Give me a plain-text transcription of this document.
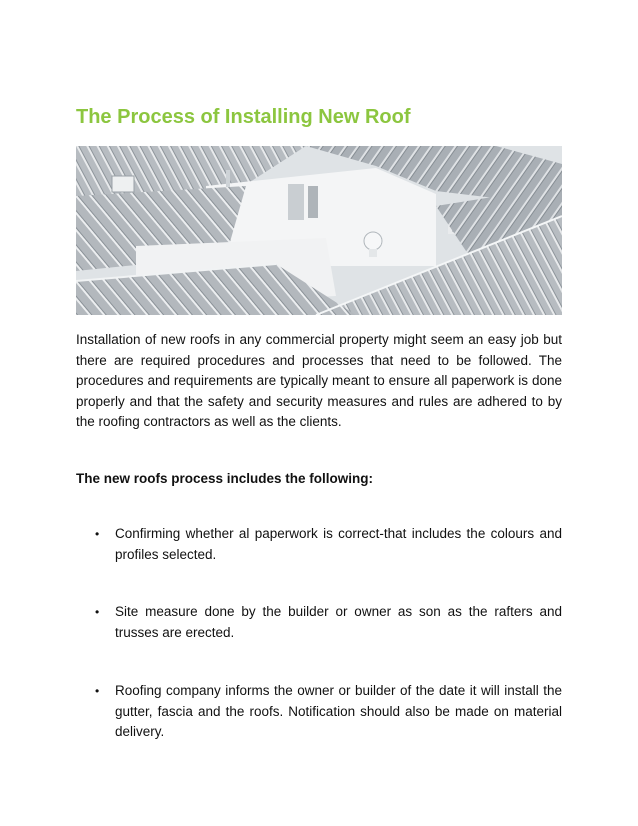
The Process of Installing New Roof

Installation of new roofs in any commercial property might seem an easy job but there are required procedures and processes that need to be followed. The procedures and requirements are typically meant to ensure all paperwork is done properly and that the safety and security measures and rules are adhered to by the roofing contractors as well as the clients.

The new roofs process includes the following:

• Confirming whether al paperwork is correct-that includes the colours and profiles selected.
• Site measure done by the builder or owner as son as the rafters and trusses are erected.
• Roofing company informs the owner or builder of the date it will install the gutter, fascia and the roofs. Notification should also be made on material delivery.
